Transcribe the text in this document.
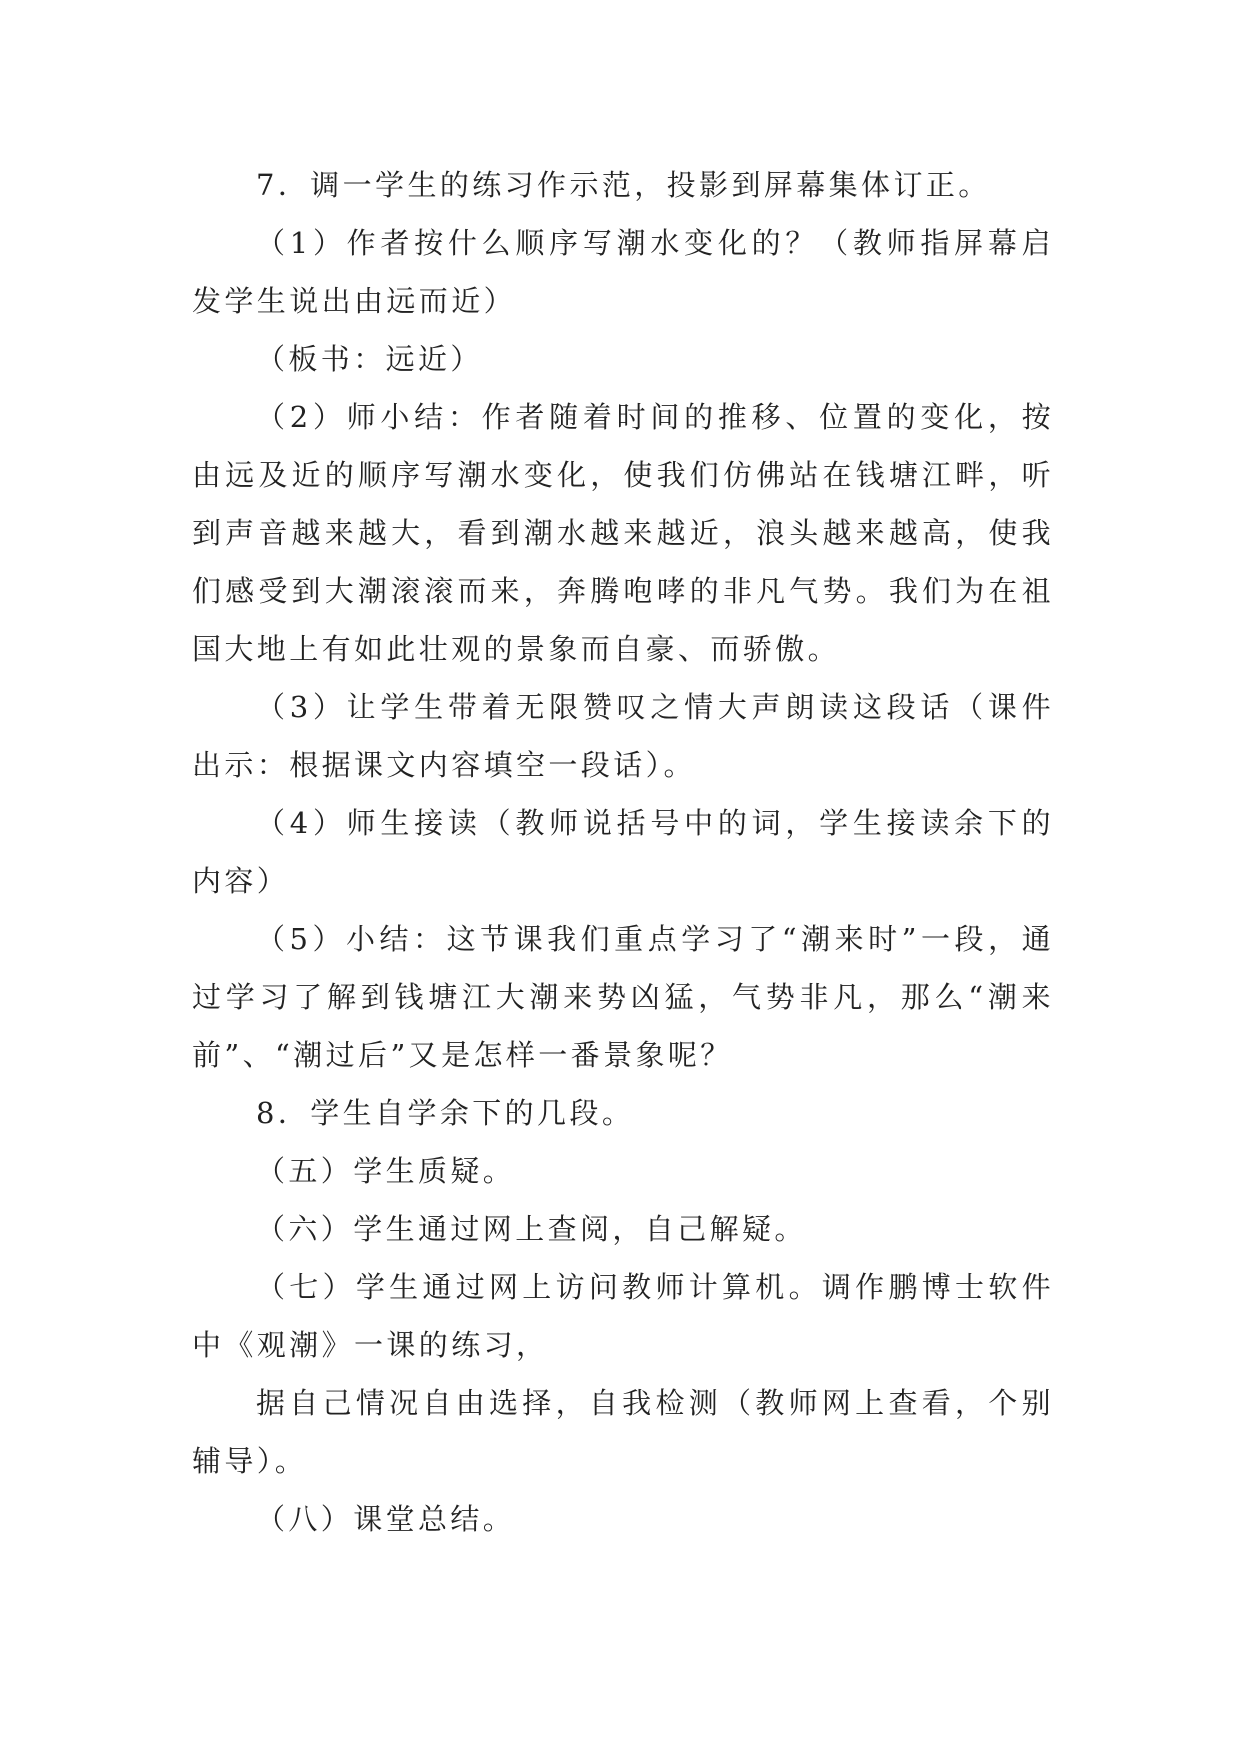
7．调一学生的练习作示范，投影到屏幕集体订正。

（1）作者按什么顺序写潮水变化的？（教师指屏幕启发学生说出由远而近）

（板书：远近）

（2）师小结：作者随着时间的推移、位置的变化，按由远及近的顺序写潮水变化，使我们仿佛站在钱塘江畔，听到声音越来越大，看到潮水越来越近，浪头越来越高，使我们感受到大潮滚滚而来，奔腾咆哮的非凡气势。我们为在祖国大地上有如此壮观的景象而自豪、而骄傲。

（3）让学生带着无限赞叹之情大声朗读这段话（课件出示：根据课文内容填空一段话）。

（4）师生接读（教师说括号中的词，学生接读余下的内容）

（5）小结：这节课我们重点学习了“潮来时”一段，通过学习了解到钱塘江大潮来势凶猛，气势非凡，那么“潮来前”、“潮过后”又是怎样一番景象呢？

8．学生自学余下的几段。

（五）学生质疑。

（六）学生通过网上查阅，自己解疑。

（七）学生通过网上访问教师计算机。调作鹏博士软件中《观潮》一课的练习，

据自己情况自由选择，自我检测（教师网上查看，个别辅导）。

（八）课堂总结。
